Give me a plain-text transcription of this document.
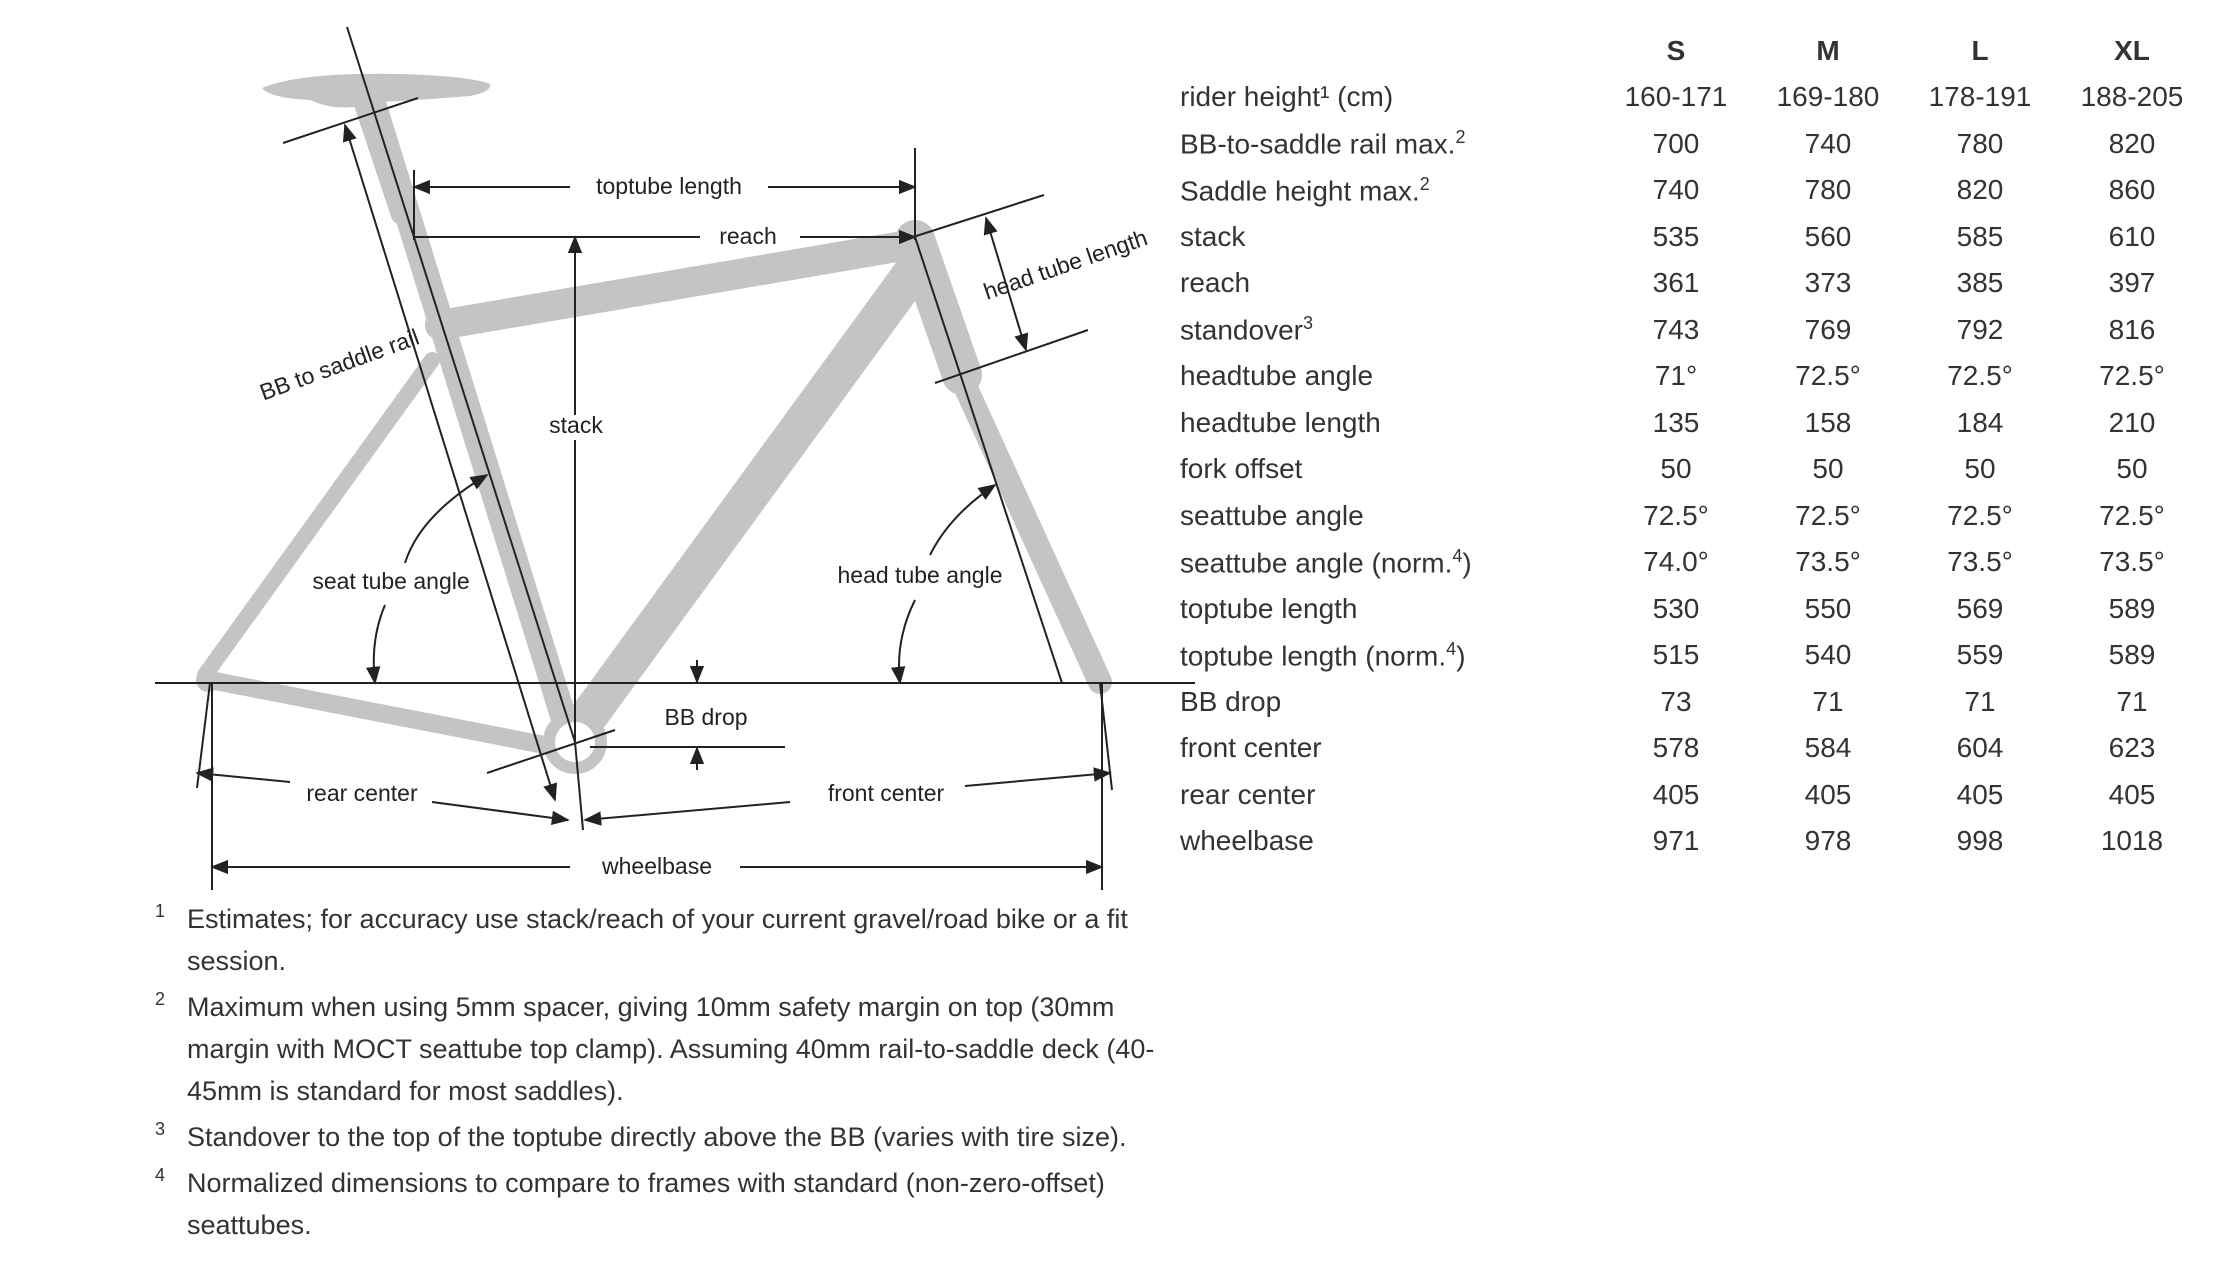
toptube length
reach	head tube length
BB to saddle rail
stack
seat tube angle	head tube angle
BB drop
rear center	front center
wheelbase
	S	M	L	XL
rider height¹ (cm)	160-171	169-180	178-191	188-205
BB-to-saddle rail max.$^2$	700	740	780	820
Saddle height max.$^2$	740	780	820	860
stack	535	560	585	610
reach	361	373	385	397
standover$^3$	743	769	792	816
headtube angle	71°	72.5°	72.5°	72.5°
headtube length	135	158	184	210
fork offset	50	50	50	50
seattube angle	72.5°	72.5°	72.5°	72.5°
seattube angle (norm.$^4$)	74.0°	73.5°	73.5°	73.5°
toptube length	530	550	569	589
toptube length (norm.$^4$)	515	540	559	589
BB drop	73	71	71	71
front center	578	584	604	623
rear center	405	405	405	405
wheelbase	971	978	998	1018
1 Estimates; for accuracy use stack/reach of your current gravel/road bike or a fit session.
2 Maximum when using 5mm spacer, giving 10mm safety margin on top (30mm margin with MOCT seattube top clamp). Assuming 40mm rail-to-saddle deck (40-45mm is standard for most saddles).
3 Standover to the top of the toptube directly above the BB (varies with tire size).
4 Normalized dimensions to compare to frames with standard (non-zero-offset) seattubes.
